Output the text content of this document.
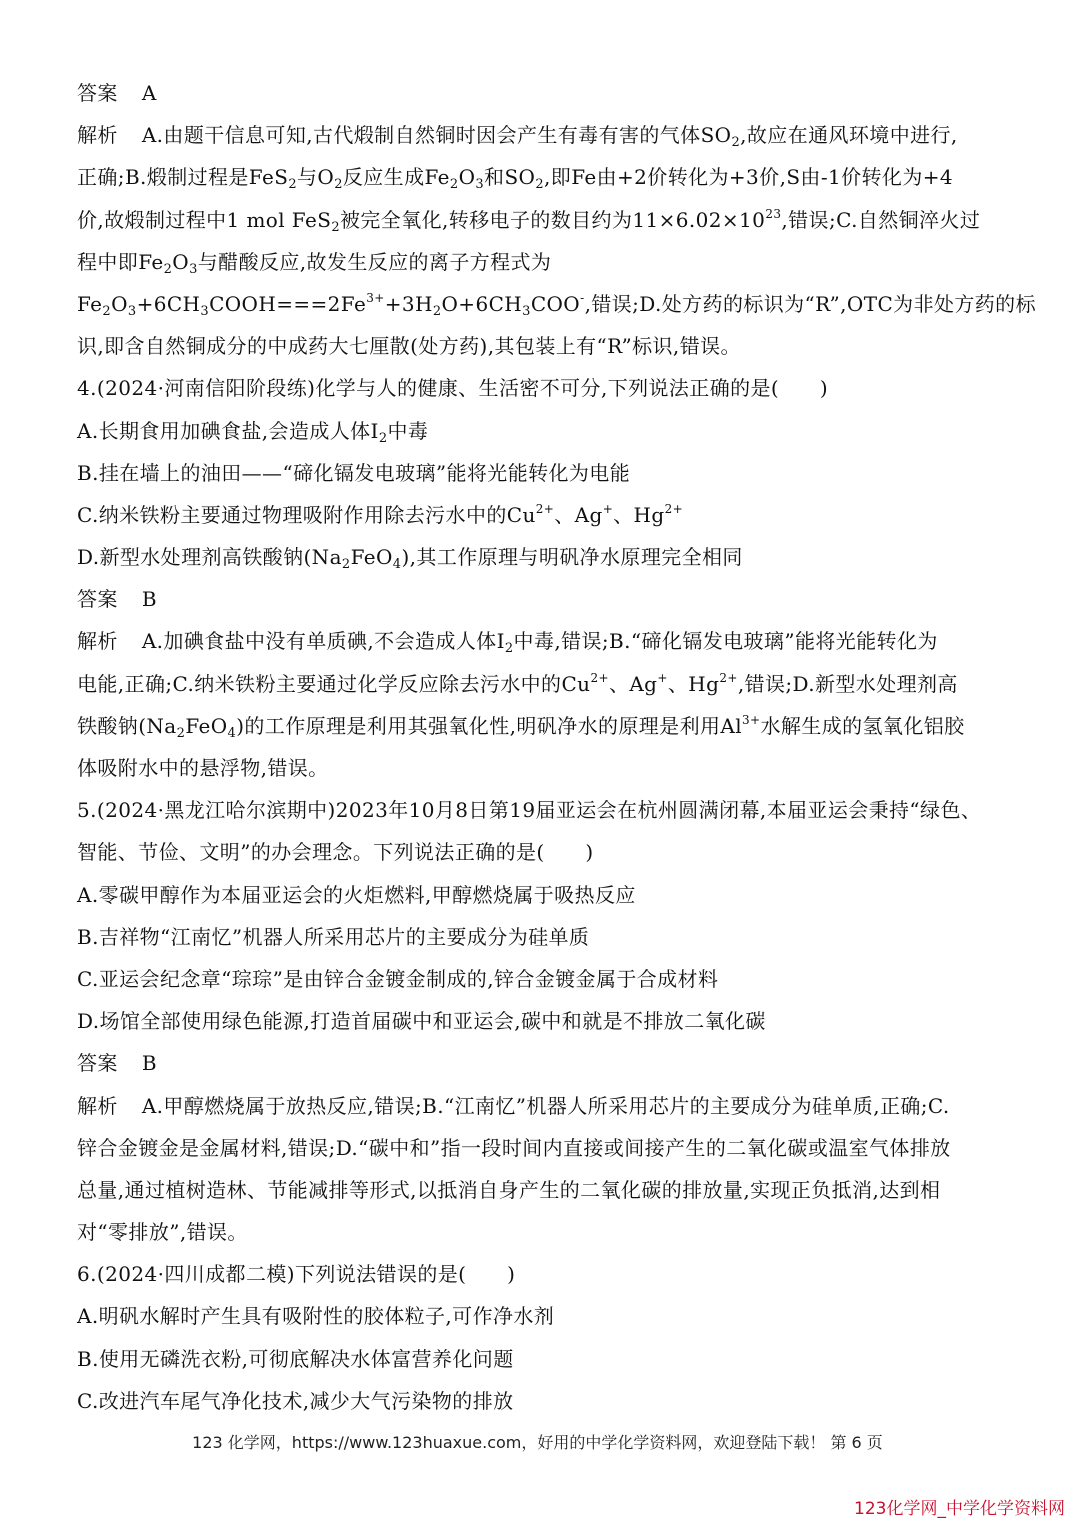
答案 A
解析 A.由题干信息可知,古代煅制自然铜时因会产生有毒有害的气体$SO_2$,故应在通风环境中进行,
正确;B.煅制过程是FeS$_2$与$O_2$反应生成$Fe_2O_3$和$SO_2$,即Fe由+2价转化为+3价,S由-1价转化为+4
价,故煅制过程中1 mol FeS$_2$被完全氧化,转移电子的数目约为$11\times 6.02\times 10^{23}$,错误;C.自然铜淬火过
程中即$Fe_2O_3$与醋酸反应,故发生反应的离子方程式为
$Fe_2O_3+6CH_3COOH===2Fe^{3+}+3H_2O+6CH_3COO^-$,错误;D.处方药的标识为“R”,OTC为非处方药的标
识,即含自然铜成分的中成药大七厘散(处方药),其包装上有“R”标识,错误。
4.(2024·河南信阳阶段练)化学与人的健康、生活密不可分,下列说法正确的是(　　)
A.长期食用加碘食盐,会造成人体$I_2$中毒
B.挂在墙上的油田——“碲化镉发电玻璃”能将光能转化为电能
C.纳米铁粉主要通过物理吸附作用除去污水中的$Cu^{2+}$、Ag+、$Hg^{2+}$
D.新型水处理剂高铁酸钠$(Na_2FeO_4)$,其工作原理与明矾净水原理完全相同
答案 B
解析 A.加碘食盐中没有单质碘,不会造成人体$I_2$中毒,错误;B.“碲化镉发电玻璃”能将光能转化为
电能,正确;C.纳米铁粉主要通过化学反应除去污水中的$Cu^{2+}$、Ag+、$Hg^{2+}$,错误;D.新型水处理剂高
铁酸钠$(Na_2FeO_4)$的工作原理是利用其强氧化性,明矾净水的原理是利用$Al^{3+}$水解生成的氢氧化铝胶
体吸附水中的悬浮物,错误。
5.(2024·黑龙江哈尔滨期中)2023年10月8日第19届亚运会在杭州圆满闭幕,本届亚运会秉持“绿色、
智能、节俭、文明”的办会理念。下列说法正确的是(　　)
A.零碳甲醇作为本届亚运会的火炬燃料,甲醇燃烧属于吸热反应
B.吉祥物“江南忆”机器人所采用芯片的主要成分为硅单质
C.亚运会纪念章“琮琮”是由锌合金镀金制成的,锌合金镀金属于合成材料
D.场馆全部使用绿色能源,打造首届碳中和亚运会,碳中和就是不排放二氧化碳
答案 B
解析 A.甲醇燃烧属于放热反应,错误;B.“江南忆”机器人所采用芯片的主要成分为硅单质,正确;C.
锌合金镀金是金属材料,错误;D.“碳中和”指一段时间内直接或间接产生的二氧化碳或温室气体排放
总量,通过植树造林、节能减排等形式,以抵消自身产生的二氧化碳的排放量,实现正负抵消,达到相
对“零排放”,错误。
6.(2024·四川成都二模)下列说法错误的是(　　)
A.明矾水解时产生具有吸附性的胶体粒子,可作净水剂
B.使用无磷洗衣粉,可彻底解决水体富营养化问题
C.改进汽车尾气净化技术,减少大气污染物的排放
123 化学网，https://www.123huaxue.com，好用的中学化学资料网，欢迎登陆下载！ 第 6 页
123化学网_中学化学资料网
